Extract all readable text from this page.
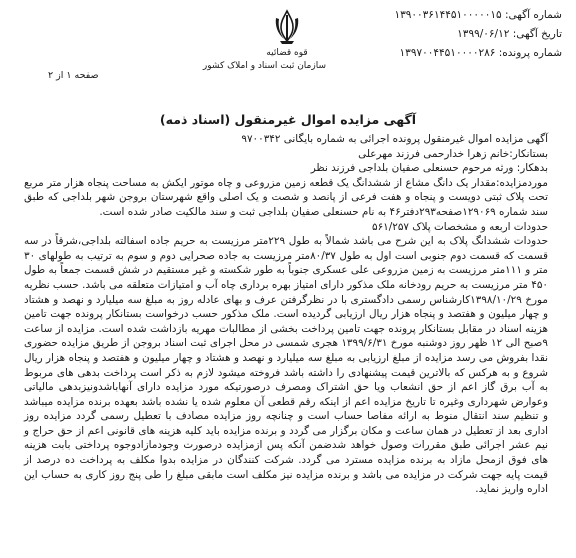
شماره آگهی: ۱۳۹۰۰۳۶۱۴۴۵۱۰۰۰۰۰۱۵
تاریخ آگهی: ۱۳۹۹/۰۶/۱۲
شماره پرونده: ۱۳۹۷۰۰۴۴۵۱۰۰۰۰۲۸۶
قوه قضائیه
سازمان ثبت اسناد و املاک کشور
صفحه ۱ از ۲
آگهی مزایده اموال غیرمنقول (اسناد ذمه)

آگهی مزایده اموال غیرمنقول پرونده اجرائی به شماره بایگانی ۹۷۰۰۳۴۲

بستانکار:خانم زهرا خدارحمی فرزند مهرعلی

بدهکار: ورثه مرحوم حسنعلی صفیان بلداجی فرزند نظر

موردمزایده:مقدار یک دانگ مشاع از ششدانگ یک قطعه زمین مزروعی و چاه موتور ایکش به مساحت پنجاه هزار متر مربع تحت پلاک ثبتی دویست و پنجاه و هفت فرعی از پانصد و شصت و یک اصلی واقع شهرستان بروجن شهر بلداجی که طبق سند شماره ۱۲۹۰۶۹صفحه۲۹۳دفتر۴۶ به نام حسنعلی صفیان بلداجی ثبت و سند مالکیت صادر شده است.

حدودات اربعه و مشخصات پلاک ۵۶۱/۲۵۷

حدودات ششدانگ پلاک به این شرح می باشد شمالاً به طول ۲۲۹متر مرزیست به حریم جاده اسفالته بلداجی،شرقاً در سه قسمت که قسمت دوم جنوبی است اول به طول ۸۰/۳۷متر مرزیست به جاده صحرایی دوم و سوم به ترتیب به طولهای ۳۰ متر و ۱۱۱متر مرزیست به زمین مزروعی علی عسکری جنوباً به طور شکسته و غیر مستقیم در شش قسمت جمعاً به طول ۴۵۰ متر مرزیست به حریم رودخانه ملک مذکور دارای امتیاز بهره برداری چاه آب و امتیازات متعلقه می باشد. حسب نظریه مورخ ۱۳۹۸/۱۰/۲۹کارشناس رسمی دادگستری با در نظرگرفتن عرف و بهای عادله روز به مبلغ سه میلیارد و نهصد و هشتاد و چهار میلیون و هفتصد و پنجاه هزار ریال ارزیابی گردیده است. ملک مذکور حسب درخواست بستانکار پرونده جهت تامین هزینه اسناد در مقابل بستانکار پرونده جهت تامین پرداخت بخشی از مطالبات مهریه بازداشت شده است. مزایده از ساعت ۹صبح الی ۱۲ ظهر روز دوشنبه مورخ ۱۳۹۹/۶/۳۱ هجری شمسی در محل اجرای ثبت اسناد بروجن از طریق مزایده حضوری نقدا بفروش می رسد مزایده از مبلغ ارزیابی به مبلغ سه میلیارد و نهصد و هشتاد و چهار میلیون و هفتصد و پنجاه هزار ریال شروع و به هرکس که بالاترین قیمت پیشنهادی را داشته باشد فروخته میشود لازم به ذکر است پرداخت بدهی های مربوط به آب برق گاز اعم از حق انشعاب ویا حق اشتراک ومصرف درصورتیکه مورد مزایده دارای آنهاباشدونیزبدهی مالیاتی وعوارض شهرداری وغیره تا تاریخ مزایده اعم از اینکه رقم قطعی آن معلوم شده یا نشده باشد بعهده برنده مزایده میباشد و تنظیم سند انتقال منوط به ارائه مفاصا حساب است و چنانچه روز مزایده مصادف با تعطیل رسمی گردد مزایده روز اداری بعد از تعطیل در همان ساعت و مکان برگزار می گردد و برنده مزایده باید کلیه هزینه های قانونی اعم از حق حراج و نیم عشر اجرائی طبق مقررات وصول خواهد شدضمن آنکه پس ازمزایده درصورت وجودمازادوجوه پرداختی بابت هزینه های فوق ازمحل مازاد به برنده مزایده مسترد می گردد. شرکت کنندگان در مزایده بدوا مکلف به پرداخت ده درصد از قیمت پایه جهت شرکت در مزایده می باشد و برنده مزایده نیز مکلف است مابقی مبلغ را طی پنج روز کاری به حساب این اداره واریز نماید.
